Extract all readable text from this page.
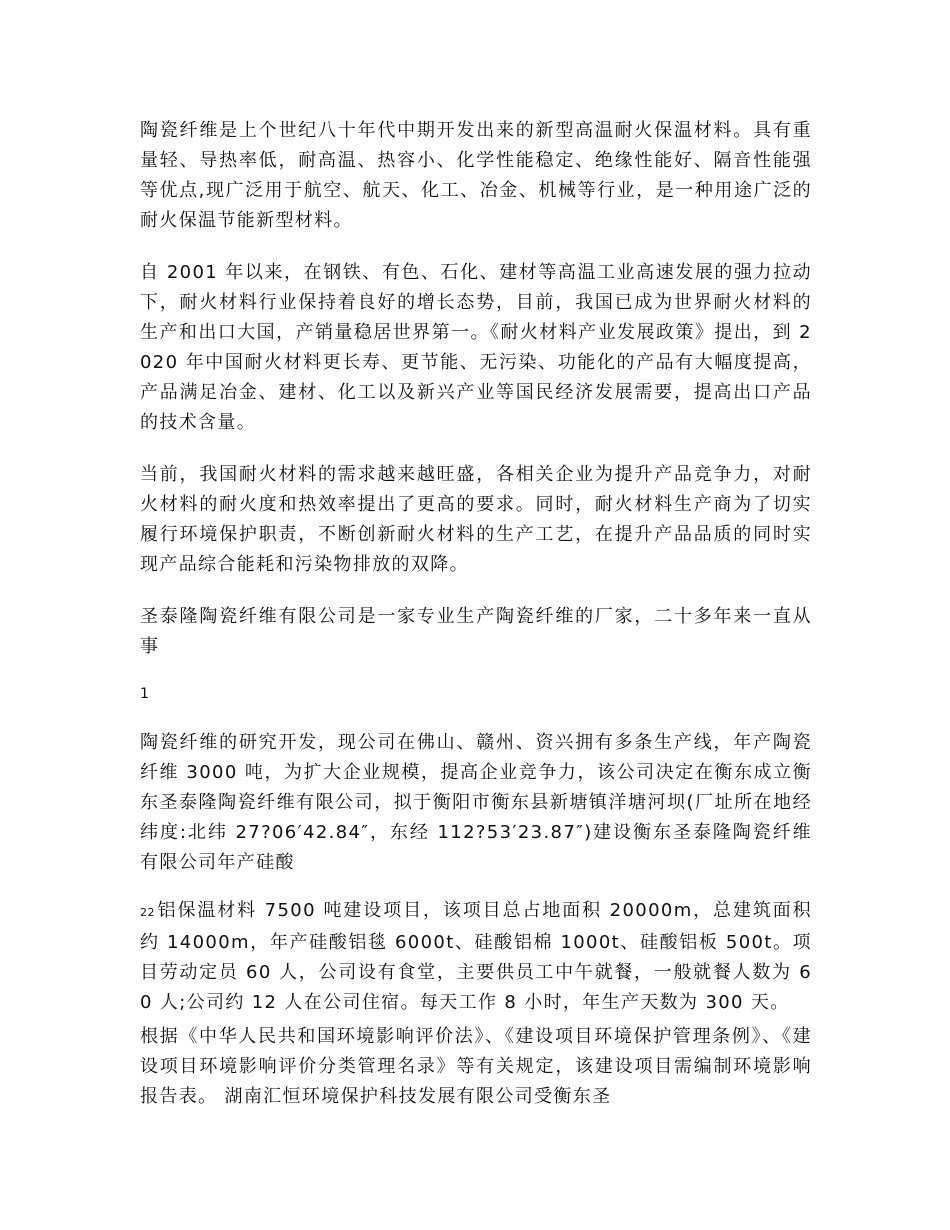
陶瓷纤维是上个世纪八十年代中期开发出来的新型高温耐火保温材料。具有重量轻、导热率低，耐高温、热容小、化学性能稳定、绝缘性能好、隔音性能强等优点,现广泛用于航空、航天、化工、冶金、机械等行业，是一种用途广泛的耐火保温节能新型材料。

自 2001 年以来，在钢铁、有色、石化、建材等高温工业高速发展的强力拉动下，耐火材料行业保持着良好的增长态势，目前，我国已成为世界耐火材料的生产和出口大国，产销量稳居世界第一。《耐火材料产业发展政策》提出，到 2020 年中国耐火材料更长寿、更节能、无污染、功能化的产品有大幅度提高，产品满足冶金、建材、化工以及新兴产业等国民经济发展需要，提高出口产品的技术含量。

当前，我国耐火材料的需求越来越旺盛，各相关企业为提升产品竞争力，对耐火材料的耐火度和热效率提出了更高的要求。同时，耐火材料生产商为了切实履行环境保护职责，不断创新耐火材料的生产工艺，在提升产品品质的同时实现产品综合能耗和污染物排放的双降。

圣泰隆陶瓷纤维有限公司是一家专业生产陶瓷纤维的厂家，二十多年来一直从事

1

陶瓷纤维的研究开发，现公司在佛山、赣州、资兴拥有多条生产线，年产陶瓷纤维 3000 吨，为扩大企业规模，提高企业竞争力，该公司决定在衡东成立衡东圣泰隆陶瓷纤维有限公司，拟于衡阳市衡东县新塘镇洋塘河坝(厂址所在地经纬度:北纬 27?06′42.84″，东经 112?53′23.87″)建设衡东圣泰隆陶瓷纤维有限公司年产硅酸

22 铝保温材料 7500 吨建设项目，该项目总占地面积 20000m，总建筑面积约 14000m，年产硅酸铝毯 6000t、硅酸铝棉 1000t、硅酸铝板 500t。项目劳动定员 60 人，公司设有食堂，主要供员工中午就餐，一般就餐人数为 60 人;公司约 12 人在公司住宿。每天工作 8 小时，年生产天数为 300 天。

根据《中华人民共和国环境影响评价法》、《建设项目环境保护管理条例》、《建设项目环境影响评价分类管理名录》等有关规定，该建设项目需编制环境影响报告表。 湖南汇恒环境保护科技发展有限公司受衡东圣
